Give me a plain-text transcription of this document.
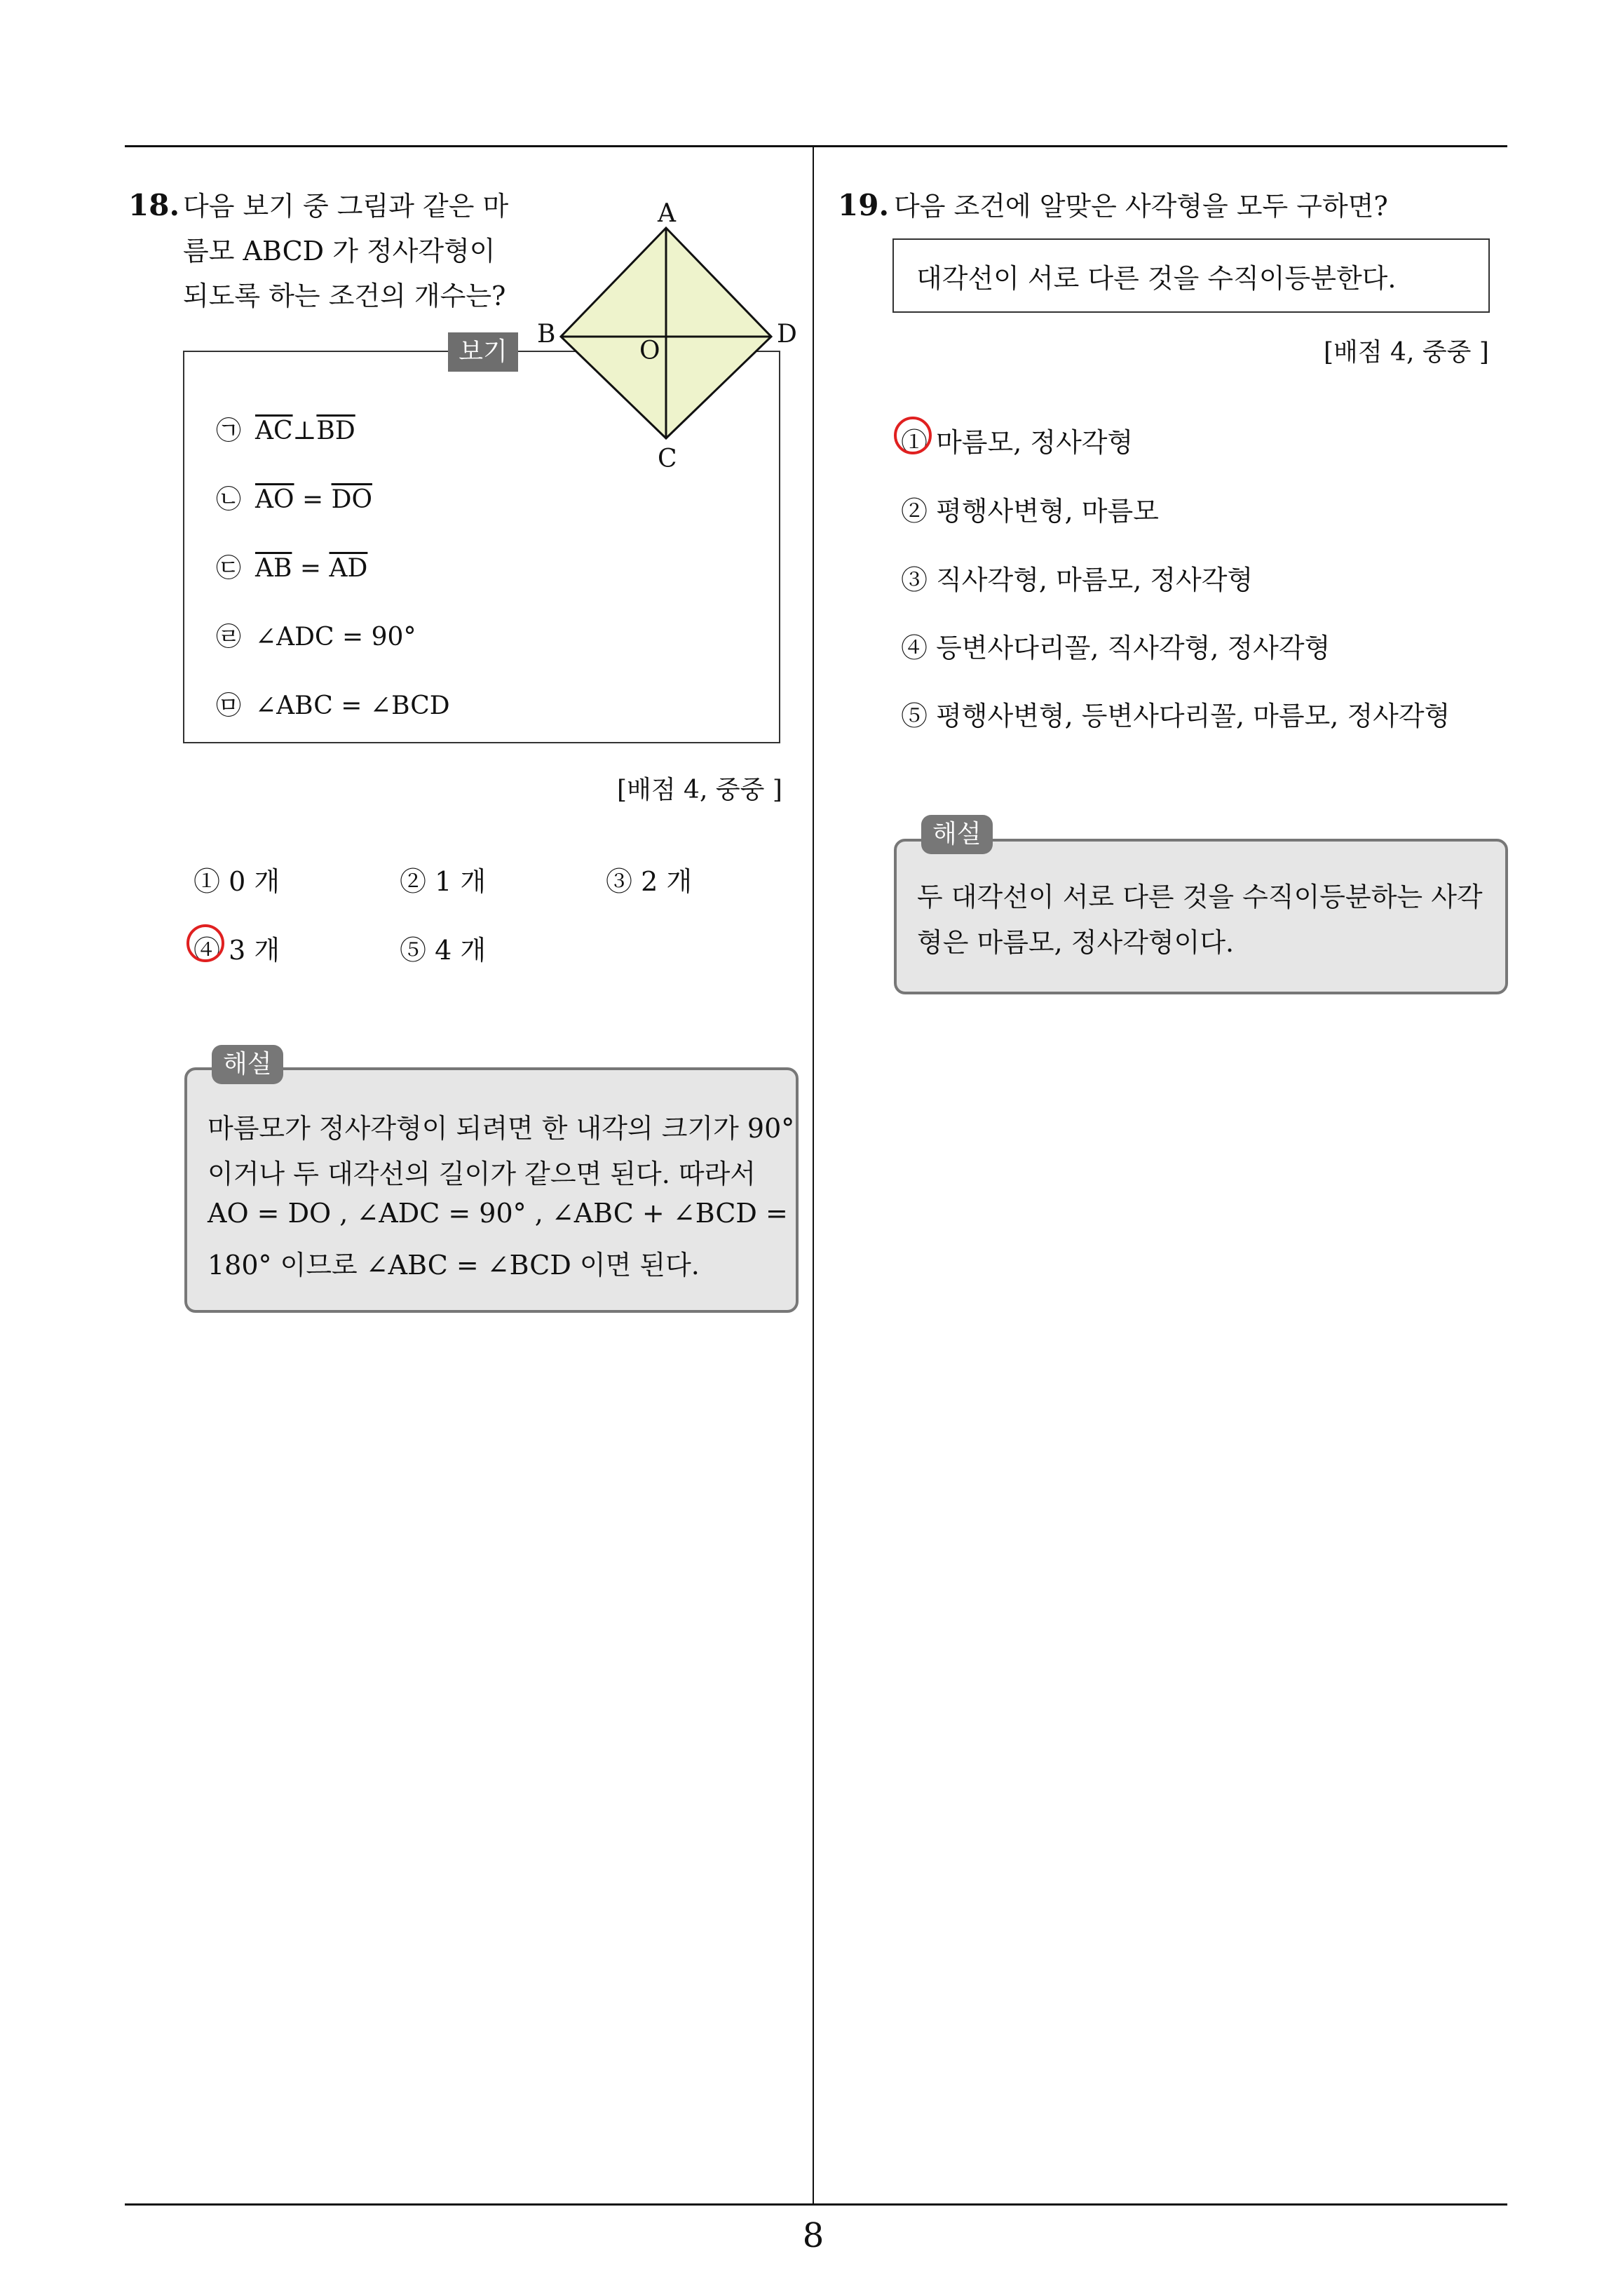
8
18. 다음 보기 중 그림과 같은 마
름모 ABCD 가 정사각형이
되도록 하는 조건의 개수는?
보기
A
B
C
D
O
㉠ $\overline{AC}\perp\overline{BD}$
㉡ $\overline{AO} = \overline{DO}$
㉢ $\overline{AB} = \overline{AD}$
㉣ ∠ADC = 90°
㉤ ∠ABC = ∠BCD
[배점 4, 중중 ]
① 0 개	② 1 개	③ 2 개
④ 3 개	⑤ 4 개
해설
마름모가 정사각형이 되려면 한 내각의 크기가 90°
이거나 두 대각선의 길이가 같으면 된다. 따라서
AO = DO , ∠ADC = 90° , ∠ABC + ∠BCD =
180° 이므로 ∠ABC = ∠BCD 이면 된다.
19. 다음 조건에 알맞은 사각형을 모두 구하면?
대각선이 서로 다른 것을 수직이등분한다.
[배점 4, 중중 ]
① 마름모, 정사각형
② 평행사변형, 마름모
③ 직사각형, 마름모, 정사각형
④ 등변사다리꼴, 직사각형, 정사각형
⑤ 평행사변형, 등변사다리꼴, 마름모, 정사각형
해설
두 대각선이 서로 다른 것을 수직이등분하는 사각
형은 마름모, 정사각형이다.
